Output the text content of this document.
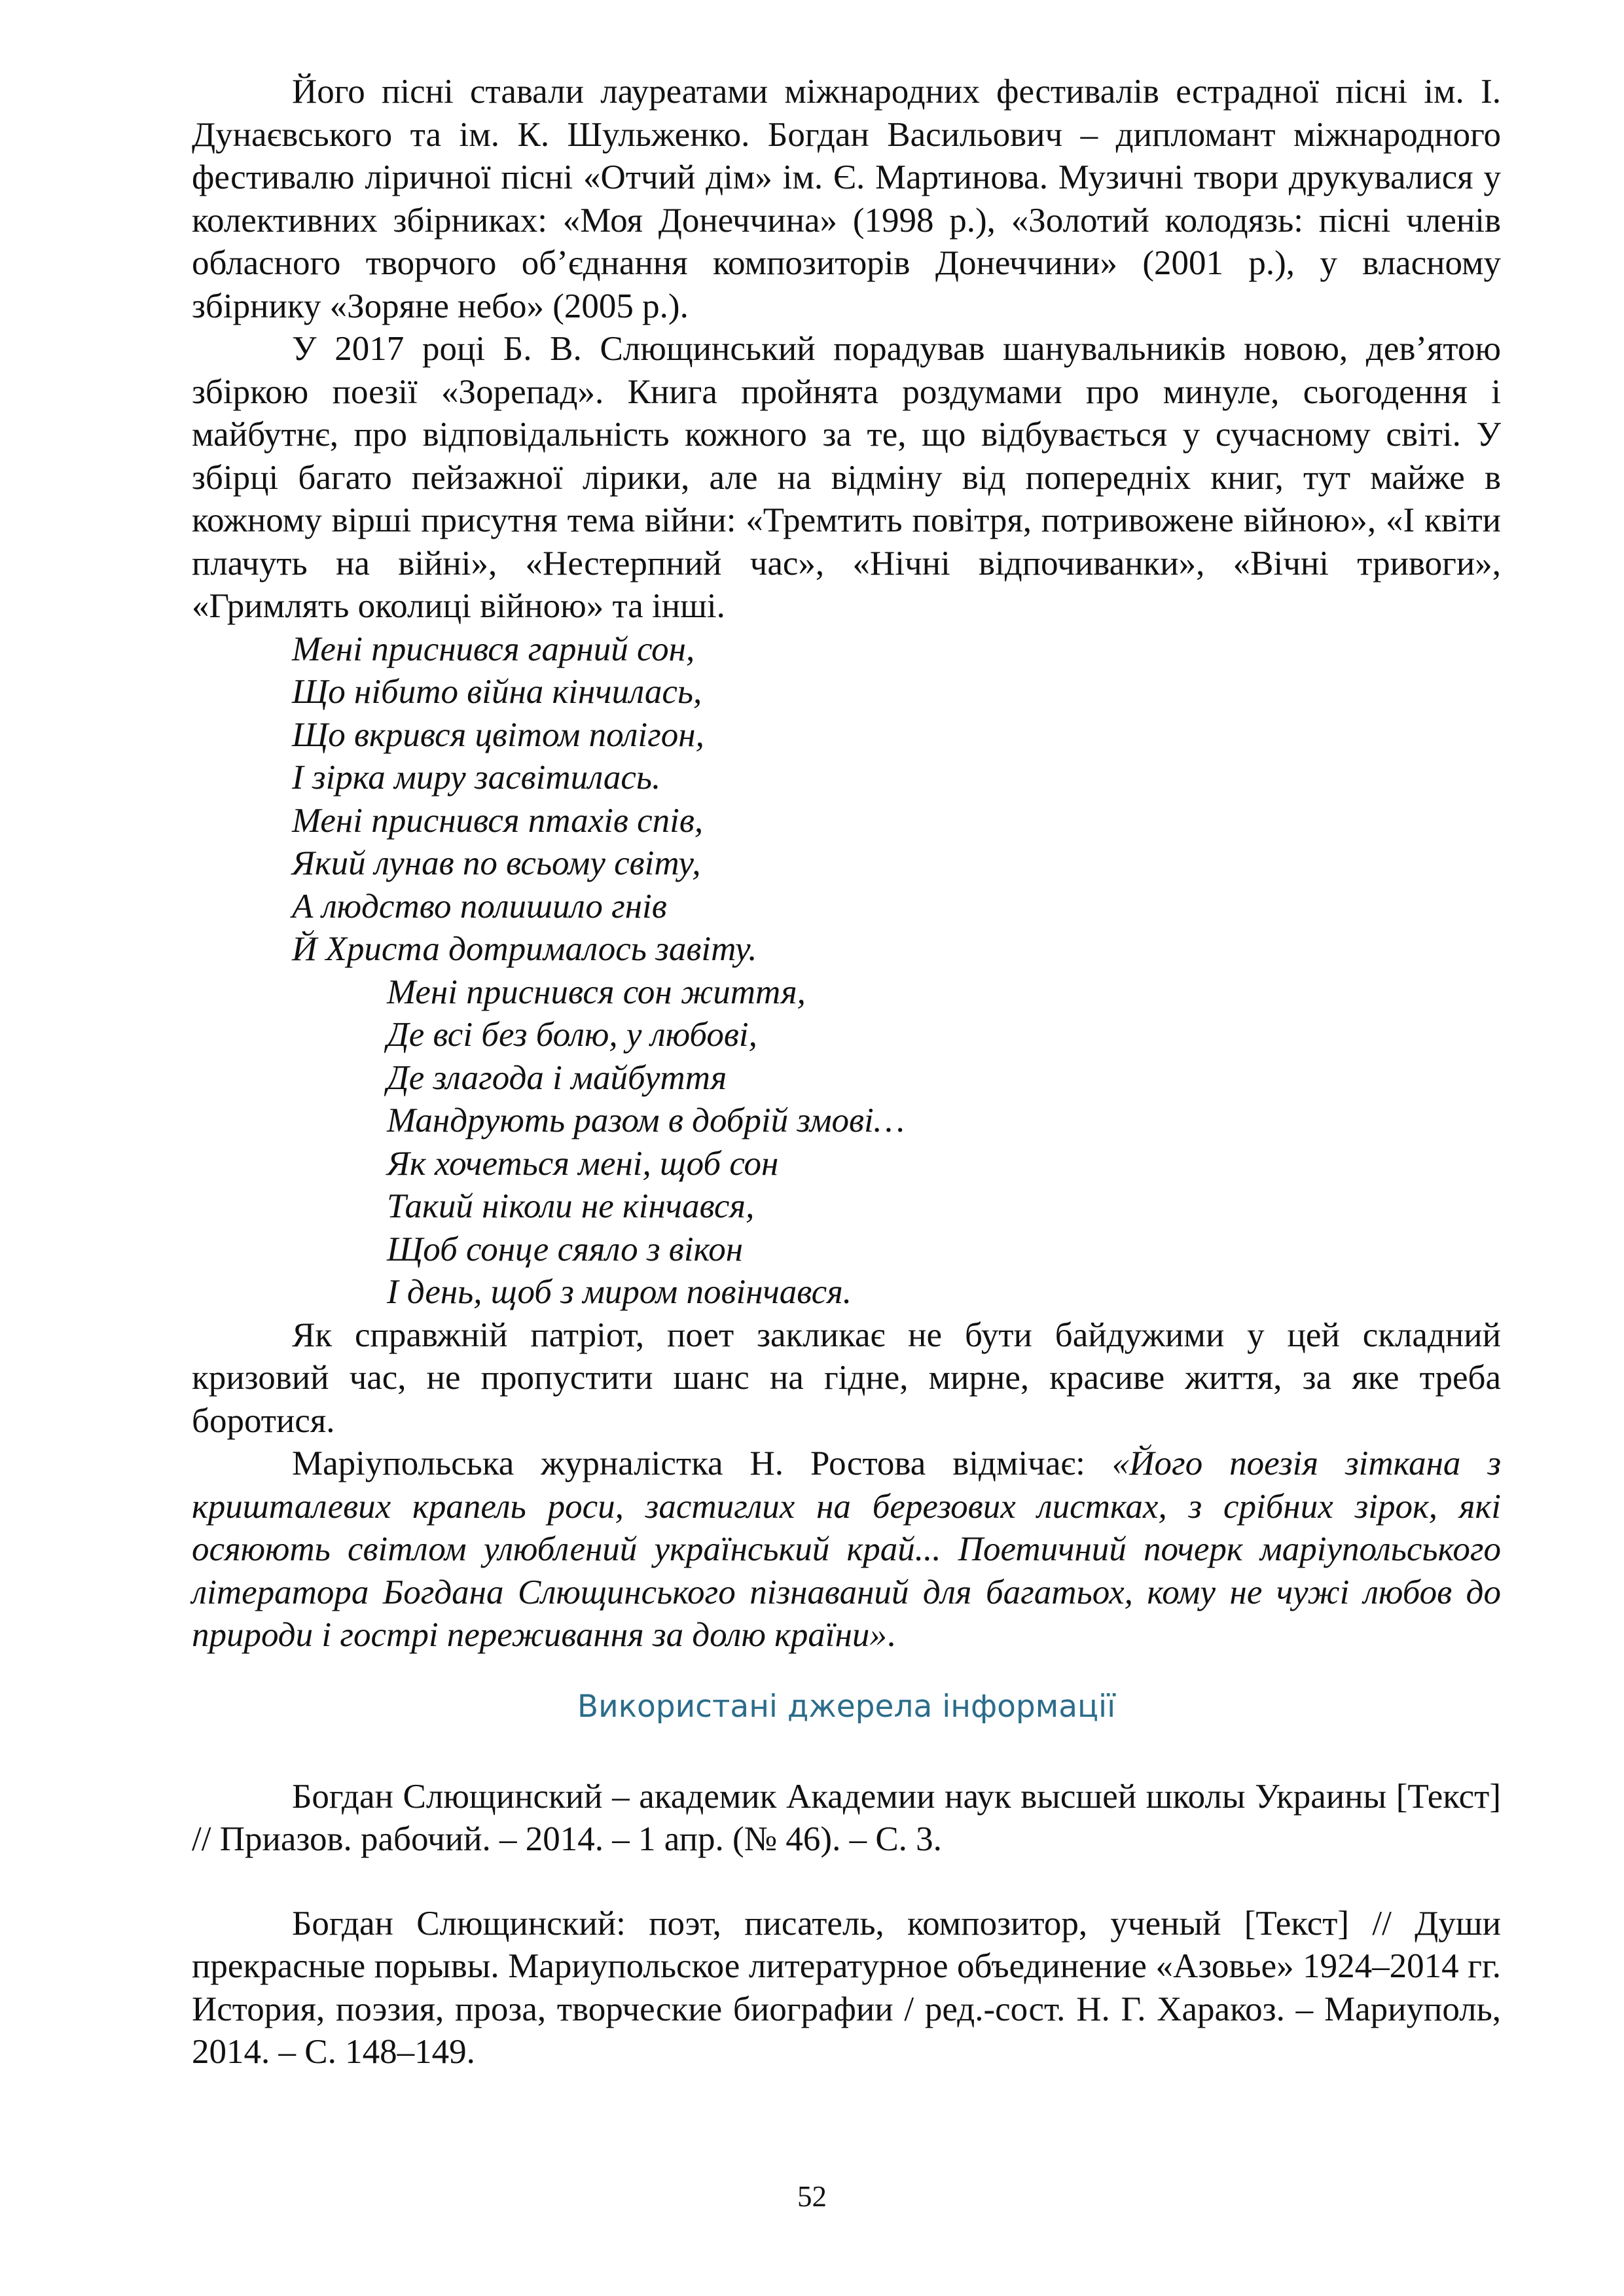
Його пісні ставали лауреатами міжнародних фестивалів естрадної пісні ім. І. Дунаєвського та ім. К. Шульженко. Богдан Васильович – дипломант міжнародного фестивалю ліричної пісні «Отчий дім» ім. Є. Мартинова. Музичні твори друкувалися у колективних збірниках: «Моя Донеччина» (1998 р.), «Золотий колодязь: пісні членів обласного творчого об’єднання композиторів Донеччини» (2001 р.), у власному збірнику «Зоряне небо» (2005 р.).

У 2017 році Б. В. Слющинський порадував шанувальників новою, дев’ятою збіркою поезії «Зорепад». Книга пройнята роздумами про минуле, сьогодення і майбутнє, про відповідальність кожного за те, що відбувається у сучасному світі. У збірці багато пейзажної лірики, але на відміну від попередніх книг, тут майже в кожному вірші присутня тема війни: «Тремтить повітря, потривожене війною», «І квіти плачуть на війні», «Нестерпний час», «Нічні відпочиванки», «Вічні тривоги», «Гримлять околиці війною» та інші.

Мені приснився гарний сон,
Що нібито війна кінчилась,
Що вкрився цвітом полігон,
І зірка миру засвітилась.
Мені приснився птахів спів,
Який лунав по всьому світу,
А людство полишило гнів
Й Христа дотрималось завіту.
Мені приснився сон життя,
Де всі без болю, у любові,
Де злагода і майбуття
Мандрують разом в добрій змові…
Як хочеться мені, щоб сон
Такий ніколи не кінчався,
Щоб сонце сяяло з вікон
І день, щоб з миром повінчався.

Як справжній патріот, поет закликає не бути байдужими у цей складний кризовий час, не пропустити шанс на гідне, мирне, красиве життя, за яке треба боротися.

Маріупольська журналістка Н. Ростова відмічає: «Його поезія зіткана з кришталевих крапель роси, застиглих на березових листках, з срібних зірок, які осяюють світлом улюблений український край... Поетичний почерк маріупольського літератора Богдана Слющинського пізнаваний для багатьох, кому не чужі любов до природи і гострі переживання за долю країни».

Використані джерела інформації

Богдан Слющинский – академик Академии наук высшей школы Украины [Текст] // Приазов. рабочий. – 2014. – 1 апр. (№ 46). – С. 3.

Богдан Слющинский: поэт, писатель, композитор, ученый [Текст] // Души прекрасные порывы. Мариупольское литературное объединение «Азовье» 1924–2014 гг. История, поэзия, проза, творческие биографии / ред.-сост. Н. Г. Харакоз. – Мариуполь, 2014. – С. 148–149.

52
